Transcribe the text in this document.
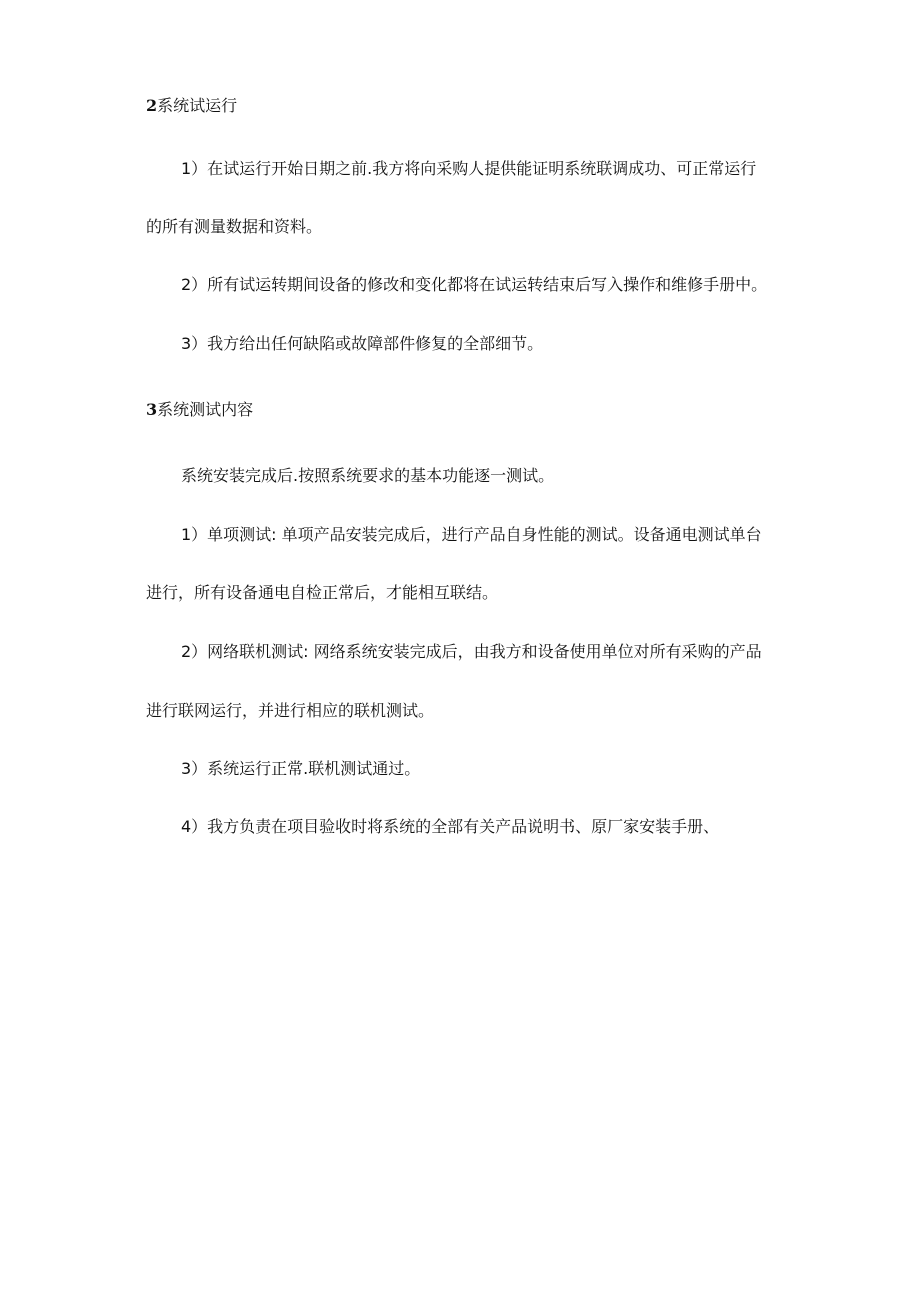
2系统试运行

1）在试运行开始日期之前.我方将向采购人提供能证明系统联调成功、可正常运行

的所有测量数据和资料。

2）所有试运转期间设备的修改和变化都将在试运转结束后写入操作和维修手册中。

3）我方给出任何缺陷或故障部件修复的全部细节。

3系统测试内容

系统安装完成后.按照系统要求的基本功能逐一测试。

1）单项测试: 单项产品安装完成后，进行产品自身性能的测试。设备通电测试单台

进行，所有设备通电自检正常后，才能相互联结。

2）网络联机测试: 网络系统安装完成后，由我方和设备使用单位对所有采购的产品

进行联网运行，并进行相应的联机测试。

3）系统运行正常.联机测试通过。

4）我方负责在项目验收时将系统的全部有关产品说明书、原厂家安装手册、
